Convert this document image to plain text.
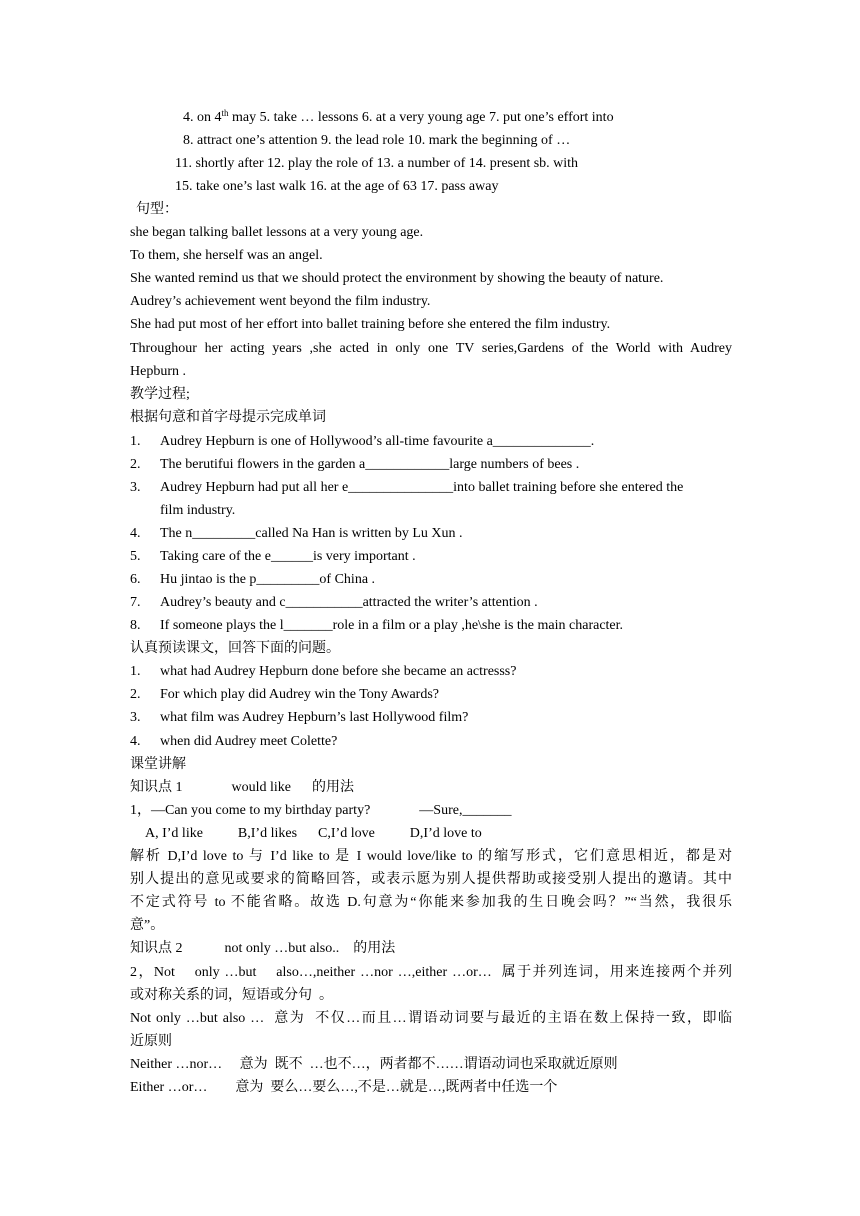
4. on 4th may 5. take … lessons 6. at a very young age 7. put one’s effort into
8. attract one’s attention 9. the lead role 10. mark the beginning of …
11. shortly after 12. play the role of 13. a number of 14. present sb. with
15. take one’s last walk 16. at the age of 63 17. pass away
句型：
she began talking ballet lessons at a very young age.
To them, she herself was an angel.
She wanted remind us that we should protect the environment by showing the beauty of nature.
Audrey’s achievement went beyond the film industry.
She had put most of her effort into ballet training before she entered the film industry.
Throughour her acting years ,she acted in only one TV series,Gardens of the World with Audrey
Hepburn .
教学过程;
根据句意和首字母提示完成单词
1. Audrey Hepburn is one of Hollywood’s all-time favourite a______________.
2. The berutifui flowers in the garden a____________large numbers of bees .
3. Audrey Hepburn had put all her e_______________into ballet training before she entered the
film industry.
4. The n_________called Na Han is written by Lu Xun .
5. Taking care of the e______is very important .
6. Hu jintao is the p_________of China .
7. Audrey’s beauty and c___________attracted the writer’s attention .
8. If someone plays the l_______role in a film or a play ,he\she is the main character.
认真预读课文，回答下面的问题。
1. what had Audrey Hepburn done before she became an actresss?
2. For which play did Audrey win the Tony Awards?
3. what film was Audrey Hepburn’s last Hollywood film?
4. when did Audrey meet Colette?
课堂讲解
知识点 1              would like      的用法
1，—Can you come to my birthday party?              —Sure,_______
A, I’d like          B,I’d likes      C,I’d love          D,I’d love to
解析 D,I’d love to 与 I’d like to 是 I would love/like to 的缩写形式，它们意思相近，都是对
别人提出的意见或要求的简略回答，或表示愿为别人提供帮助或接受别人提出的邀请。其中
不定式符号 to 不能省略。故选 D.句意为“你能来参加我的生日晚会吗？”“当然，我很乐
意”。
知识点 2            not only …but also..    的用法
2，Not    only …but    also…,neither …nor …,either …or…  属于并列连词，用来连接两个并列
或对称关系的词，短语或分句  。
Not only …but also …  意为  不仅…而且…谓语动词要与最近的主语在数上保持一致，即临
近原则
Neither …nor…     意为  既不  …也不…，两者都不……谓语动词也采取就近原则
Either …or…        意为  要么…要么…,不是…就是…,既两者中任选一个
